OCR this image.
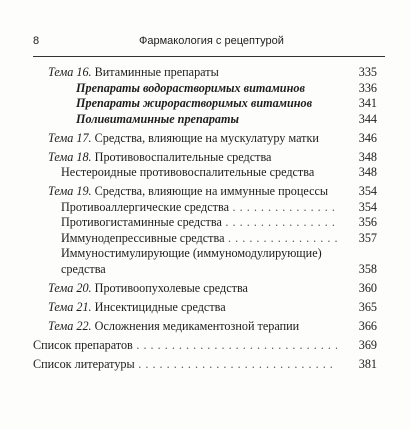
8	Фармакология с рецептурой
Тема 16. Витаминные препараты	335
Препараты водорастворимых витаминов	336
Препараты жирорастворимых витаминов	341
Поливитаминные препараты	344
Тема 17. Средства, влияющие на мускулатуру матки	346
Тема 18. Противовоспалительные средства	348
Нестероидные противовоспалительные средства	348
Тема 19. Средства, влияющие на иммунные процессы	354
Противоаллергические средства . . .	354
Противогистаминные средства . . .	356
Иммунодепрессивные средства . . .	357
Иммуностимулирующие (иммуномодулирующие) средства	358
Тема 20. Противоопухолевые средства	360
Тема 21. Инсектицидные средства	365
Тема 22. Осложнения медикаментозной терапии	366
Список препаратов . . .	369
Список литературы . . .	381
